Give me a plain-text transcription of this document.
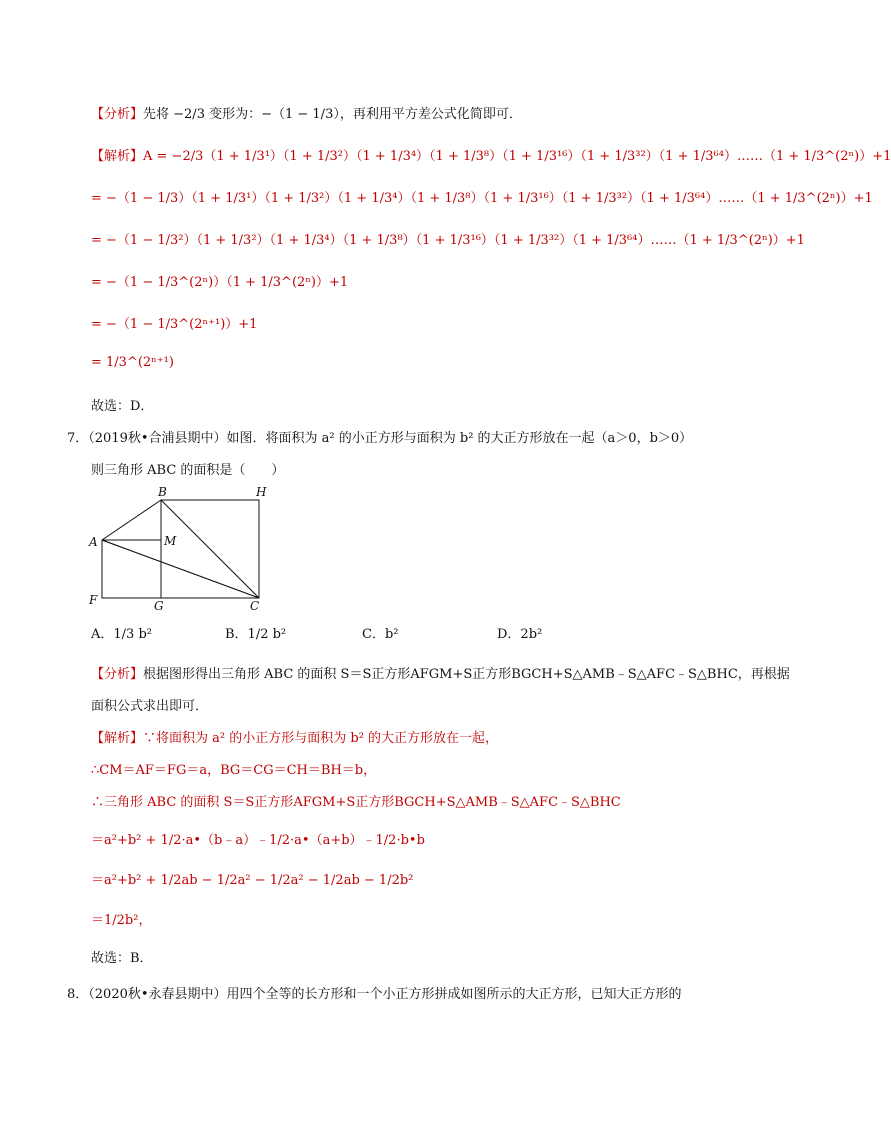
【分析】先将 −2/3 变形为：−（1 − 1/3），再利用平方差公式化简即可．
【解析】A = −2/3（1 + 1/3¹）（1 + 1/3²）（1 + 1/3⁴）（1 + 1/3⁸）（1 + 1/3¹⁶）（1 + 1/3³²）（1 + 1/3⁶⁴）……（1 + 1/3^(2ⁿ)）+1
= −（1 − 1/3）（1 + 1/3¹）（1 + 1/3²）（1 + 1/3⁴）（1 + 1/3⁸）（1 + 1/3¹⁶）（1 + 1/3³²）（1 + 1/3⁶⁴）……（1 + 1/3^(2ⁿ)）+1
= −（1 − 1/3²）（1 + 1/3²）（1 + 1/3⁴）（1 + 1/3⁸）（1 + 1/3¹⁶）（1 + 1/3³²）（1 + 1/3⁶⁴）……（1 + 1/3^(2ⁿ)）+1
= −（1 − 1/3^(2ⁿ)）（1 + 1/3^(2ⁿ)）+1
= −（1 − 1/3^(2ⁿ⁺¹)）+1
= 1/3^(2ⁿ⁺¹)
故选：D．
7．（2019秋•合浦县期中）如图．将面积为 a² 的小正方形与面积为 b² 的大正方形放在一起（a＞0，b＞0）
则三角形 ABC 的面积是（　　）
B	H
A	M
F	G	C
A．1/3 b²	B．1/2 b²	C．b²	D．2b²
【分析】根据图形得出三角形 ABC 的面积 S＝S正方形AFGM+S正方形BGCH+S△AMB﹣S△AFC﹣S△BHC，再根据
面积公式求出即可．
【解析】∵将面积为 a² 的小正方形与面积为 b² 的大正方形放在一起，
∴CM＝AF＝FG＝a，BG＝CG＝CH＝BH＝b，
∴三角形 ABC 的面积 S＝S正方形AFGM+S正方形BGCH+S△AMB﹣S△AFC﹣S△BHC
＝a²+b² + 1/2·a•（b﹣a）﹣1/2·a•（a+b）﹣1/2·b•b
＝a²+b² + 1/2ab − 1/2a² − 1/2a² − 1/2ab − 1/2b²
＝1/2b²，
故选：B．
8．（2020秋•永春县期中）用四个全等的长方形和一个小正方形拼成如图所示的大正方形，已知大正方形的
